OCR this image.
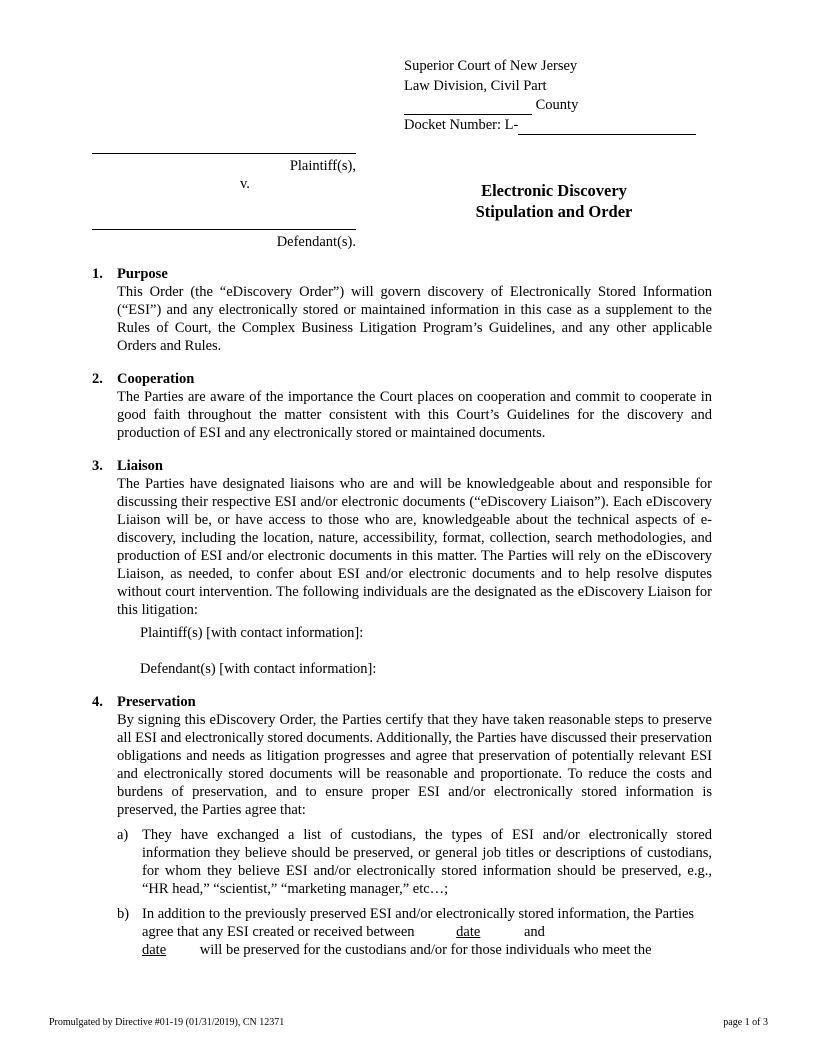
Superior Court of New Jersey
Law Division, Civil Part
County
Docket Number: L-
Plaintiff(s),
v.
Defendant(s).
Electronic Discovery
Stipulation and Order
1. Purpose
This Order (the “eDiscovery Order”) will govern discovery of Electronically Stored Information (“ESI”) and any electronically stored or maintained information in this case as a supplement to the Rules of Court, the Complex Business Litigation Program’s Guidelines, and any other applicable Orders and Rules.
2. Cooperation
The Parties are aware of the importance the Court places on cooperation and commit to cooperate in good faith throughout the matter consistent with this Court’s Guidelines for the discovery and production of ESI and any electronically stored or maintained documents.
3. Liaison
The Parties have designated liaisons who are and will be knowledgeable about and responsible for discussing their respective ESI and/or electronic documents (“eDiscovery Liaison”). Each eDiscovery Liaison will be, or have access to those who are, knowledgeable about the technical aspects of e-discovery, including the location, nature, accessibility, format, collection, search methodologies, and production of ESI and/or electronic documents in this matter. The Parties will rely on the eDiscovery Liaison, as needed, to confer about ESI and/or electronic documents and to help resolve disputes without court intervention. The following individuals are the designated as the eDiscovery Liaison for this litigation:
Plaintiff(s) [with contact information]:
Defendant(s) [with contact information]:
4. Preservation
By signing this eDiscovery Order, the Parties certify that they have taken reasonable steps to preserve all ESI and electronically stored documents. Additionally, the Parties have discussed their preservation obligations and needs as litigation progresses and agree that preservation of potentially relevant ESI and electronically stored documents will be reasonable and proportionate. To reduce the costs and burdens of preservation, and to ensure proper ESI and/or electronically stored information is preserved, the Parties agree that:
a) They have exchanged a list of custodians, the types of ESI and/or electronically stored information they believe should be preserved, or general job titles or descriptions of custodians, for whom they believe ESI and/or electronically stored information should be preserved, e.g., “HR head,” “scientist,” “marketing manager,” etc…;
b) In addition to the previously preserved ESI and/or electronically stored information, the Parties agree that any ESI created or received between	date	and
date will be preserved for the custodians and/or for those individuals who meet the
Promulgated by Directive #01-19 (01/31/2019), CN 12371	page 1 of 3
